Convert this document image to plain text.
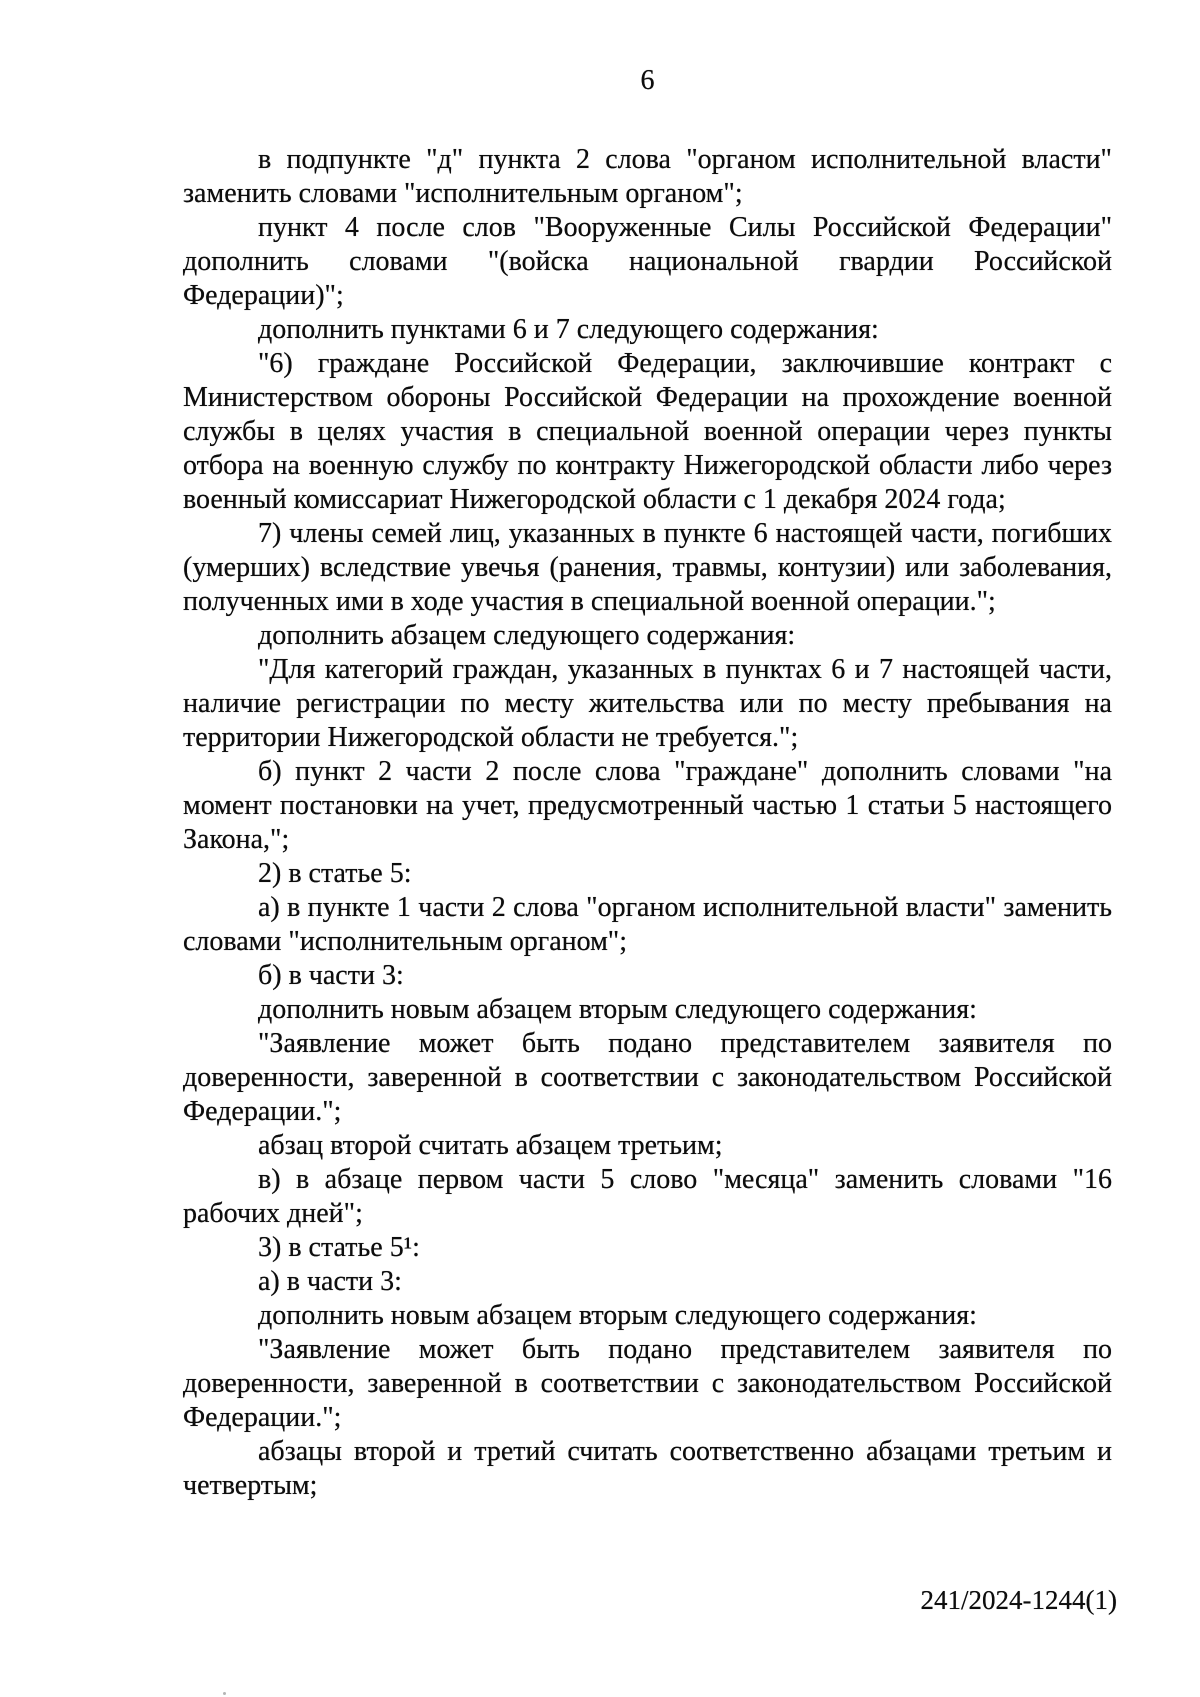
6

в подпункте "д" пункта 2 слова "органом исполнительной власти" заменить словами "исполнительным органом";

пункт 4 после слов "Вооруженные Силы Российской Федерации" дополнить словами "(войска национальной гвардии Российской Федерации)";

дополнить пунктами 6 и 7 следующего содержания:

"6) граждане Российской Федерации, заключившие контракт с Министерством обороны Российской Федерации на прохождение военной службы в целях участия в специальной военной операции через пункты отбора на военную службу по контракту Нижегородской области либо через военный комиссариат Нижегородской области с 1 декабря 2024 года;

7) члены семей лиц, указанных в пункте 6 настоящей части, погибших (умерших) вследствие увечья (ранения, травмы, контузии) или заболевания, полученных ими в ходе участия в специальной военной операции.";

дополнить абзацем следующего содержания:

"Для категорий граждан, указанных в пунктах 6 и 7 настоящей части, наличие регистрации по месту жительства или по месту пребывания на территории Нижегородской области не требуется.";

б) пункт 2 части 2 после слова "граждане" дополнить словами "на момент постановки на учет, предусмотренный частью 1 статьи 5 настоящего Закона,";

2) в статье 5:

а) в пункте 1 части 2 слова "органом исполнительной власти" заменить словами "исполнительным органом";

б) в части 3:

дополнить новым абзацем вторым следующего содержания:

"Заявление может быть подано представителем заявителя по доверенности, заверенной в соответствии с законодательством Российской Федерации.";

абзац второй считать абзацем третьим;

в) в абзаце первом части 5 слово "месяца" заменить словами "16 рабочих дней";

3) в статье 5¹:

а) в части 3:

дополнить новым абзацем вторым следующего содержания:

"Заявление может быть подано представителем заявителя по доверенности, заверенной в соответствии с законодательством Российской Федерации.";

абзацы второй и третий считать соответственно абзацами третьим и четвертым;

241/2024-1244(1)
